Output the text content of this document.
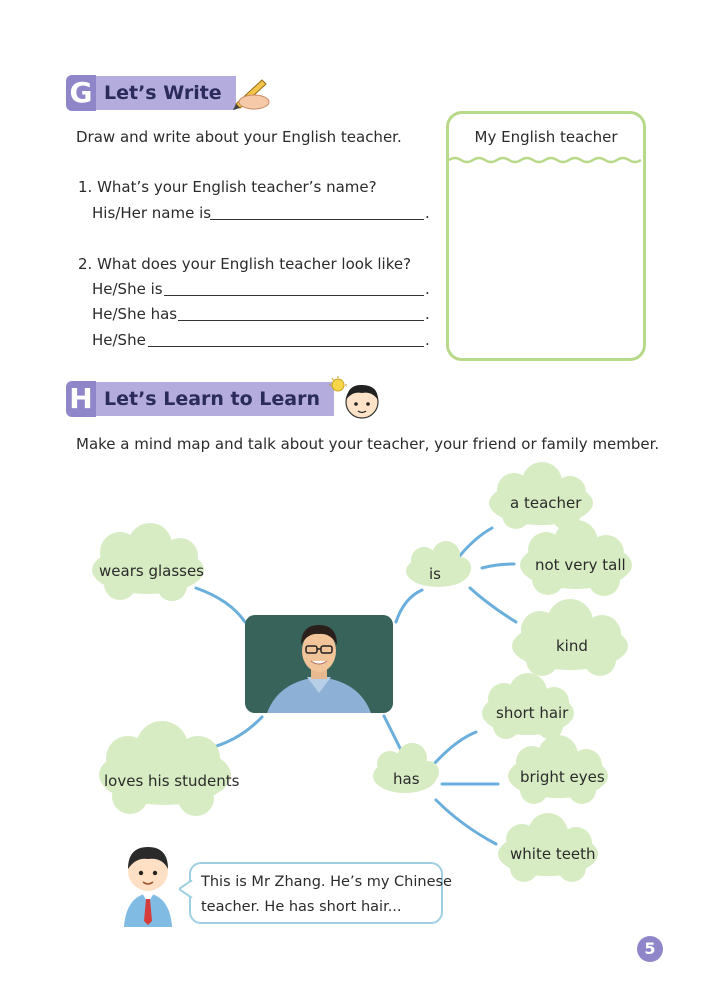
G Let’s Write
Draw and write about your English teacher.
1. What’s your English teacher’s name?
His/Her name is	.
2. What does your English teacher look like?
He/She is	.
He/She has	.
He/She	.
My English teacher
H Let’s Learn to Learn
Make a mind map and talk about your teacher, your friend or family member.
wears glasses
loves his students
is
has
a teacher
not very tall
kind
short hair
bright eyes
white teeth
This is Mr Zhang. He’s my Chinese
teacher. He has short hair...
5
